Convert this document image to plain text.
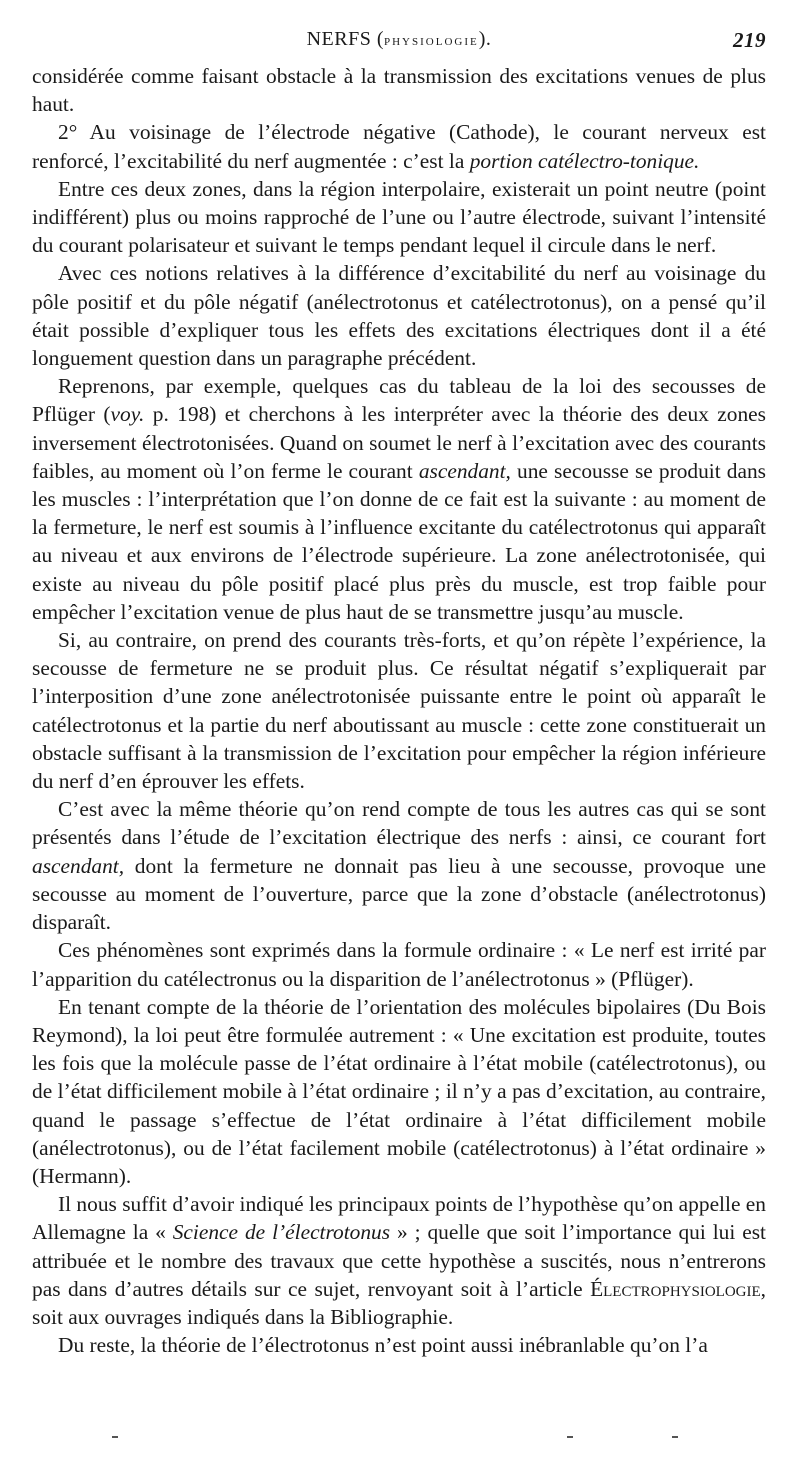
NERFS (physiologie).	219

considérée comme faisant obstacle à la transmission des excitations venues de plus haut.

2° Au voisinage de l’électrode négative (Cathode), le courant nerveux est renforcé, l’excitabilité du nerf augmentée : c’est la portion catélectro-tonique.

Entre ces deux zones, dans la région interpolaire, existerait un point neutre (point indifférent) plus ou moins rapproché de l’une ou l’autre électrode, suivant l’intensité du courant polarisateur et suivant le temps pendant lequel il circule dans le nerf.

Avec ces notions relatives à la différence d’excitabilité du nerf au voisinage du pôle positif et du pôle négatif (anélectrotonus et catélectrotonus), on a pensé qu’il était possible d’expliquer tous les effets des excitations électriques dont il a été longuement question dans un paragraphe précédent.

Reprenons, par exemple, quelques cas du tableau de la loi des secousses de Pflüger (voy. p. 198) et cherchons à les interpréter avec la théorie des deux zones inversement électrotonisées. Quand on soumet le nerf à l’excitation avec des courants faibles, au moment où l’on ferme le courant ascendant, une secousse se produit dans les muscles : l’interprétation que l’on donne de ce fait est la suivante : au moment de la fermeture, le nerf est soumis à l’influence excitante du catélectrotonus qui apparaît au niveau et aux environs de l’électrode supérieure. La zone anélectrotonisée, qui existe au niveau du pôle positif placé plus près du muscle, est trop faible pour empêcher l’excitation venue de plus haut de se transmettre jusqu’au muscle.

Si, au contraire, on prend des courants très-forts, et qu’on répète l’expérience, la secousse de fermeture ne se produit plus. Ce résultat négatif s’expliquerait par l’interposition d’une zone anélectrotonisée puissante entre le point où apparaît le catélectrotonus et la partie du nerf aboutissant au muscle : cette zone constituerait un obstacle suffisant à la transmission de l’excitation pour empêcher la région inférieure du nerf d’en éprouver les effets.

C’est avec la même théorie qu’on rend compte de tous les autres cas qui se sont présentés dans l’étude de l’excitation électrique des nerfs : ainsi, ce courant fort ascendant, dont la fermeture ne donnait pas lieu à une secousse, provoque une secousse au moment de l’ouverture, parce que la zone d’obstacle (anélectrotonus) disparaît.

Ces phénomènes sont exprimés dans la formule ordinaire : « Le nerf est irrité par l’apparition du catélectronus ou la disparition de l’anélectrotonus » (Pflüger).

En tenant compte de la théorie de l’orientation des molécules bipolaires (Du Bois Reymond), la loi peut être formulée autrement : « Une excitation est produite, toutes les fois que la molécule passe de l’état ordinaire à l’état mobile (catélectrotonus), ou de l’état difficilement mobile à l’état ordinaire ; il n’y a pas d’excitation, au contraire, quand le passage s’effectue de l’état ordinaire à l’état difficilement mobile (anélectrotonus), ou de l’état facilement mobile (catélectrotonus) à l’état ordinaire » (Hermann).

Il nous suffit d’avoir indiqué les principaux points de l’hypothèse qu’on appelle en Allemagne la « Science de l’électrotonus » ; quelle que soit l’importance qui lui est attribuée et le nombre des travaux que cette hypothèse a suscités, nous n’entrerons pas dans d’autres détails sur ce sujet, renvoyant soit à l’article Électrophysiologie, soit aux ouvrages indiqués dans la Bibliographie.

Du reste, la théorie de l’électrotonus n’est point aussi inébranlable qu’on l’a
